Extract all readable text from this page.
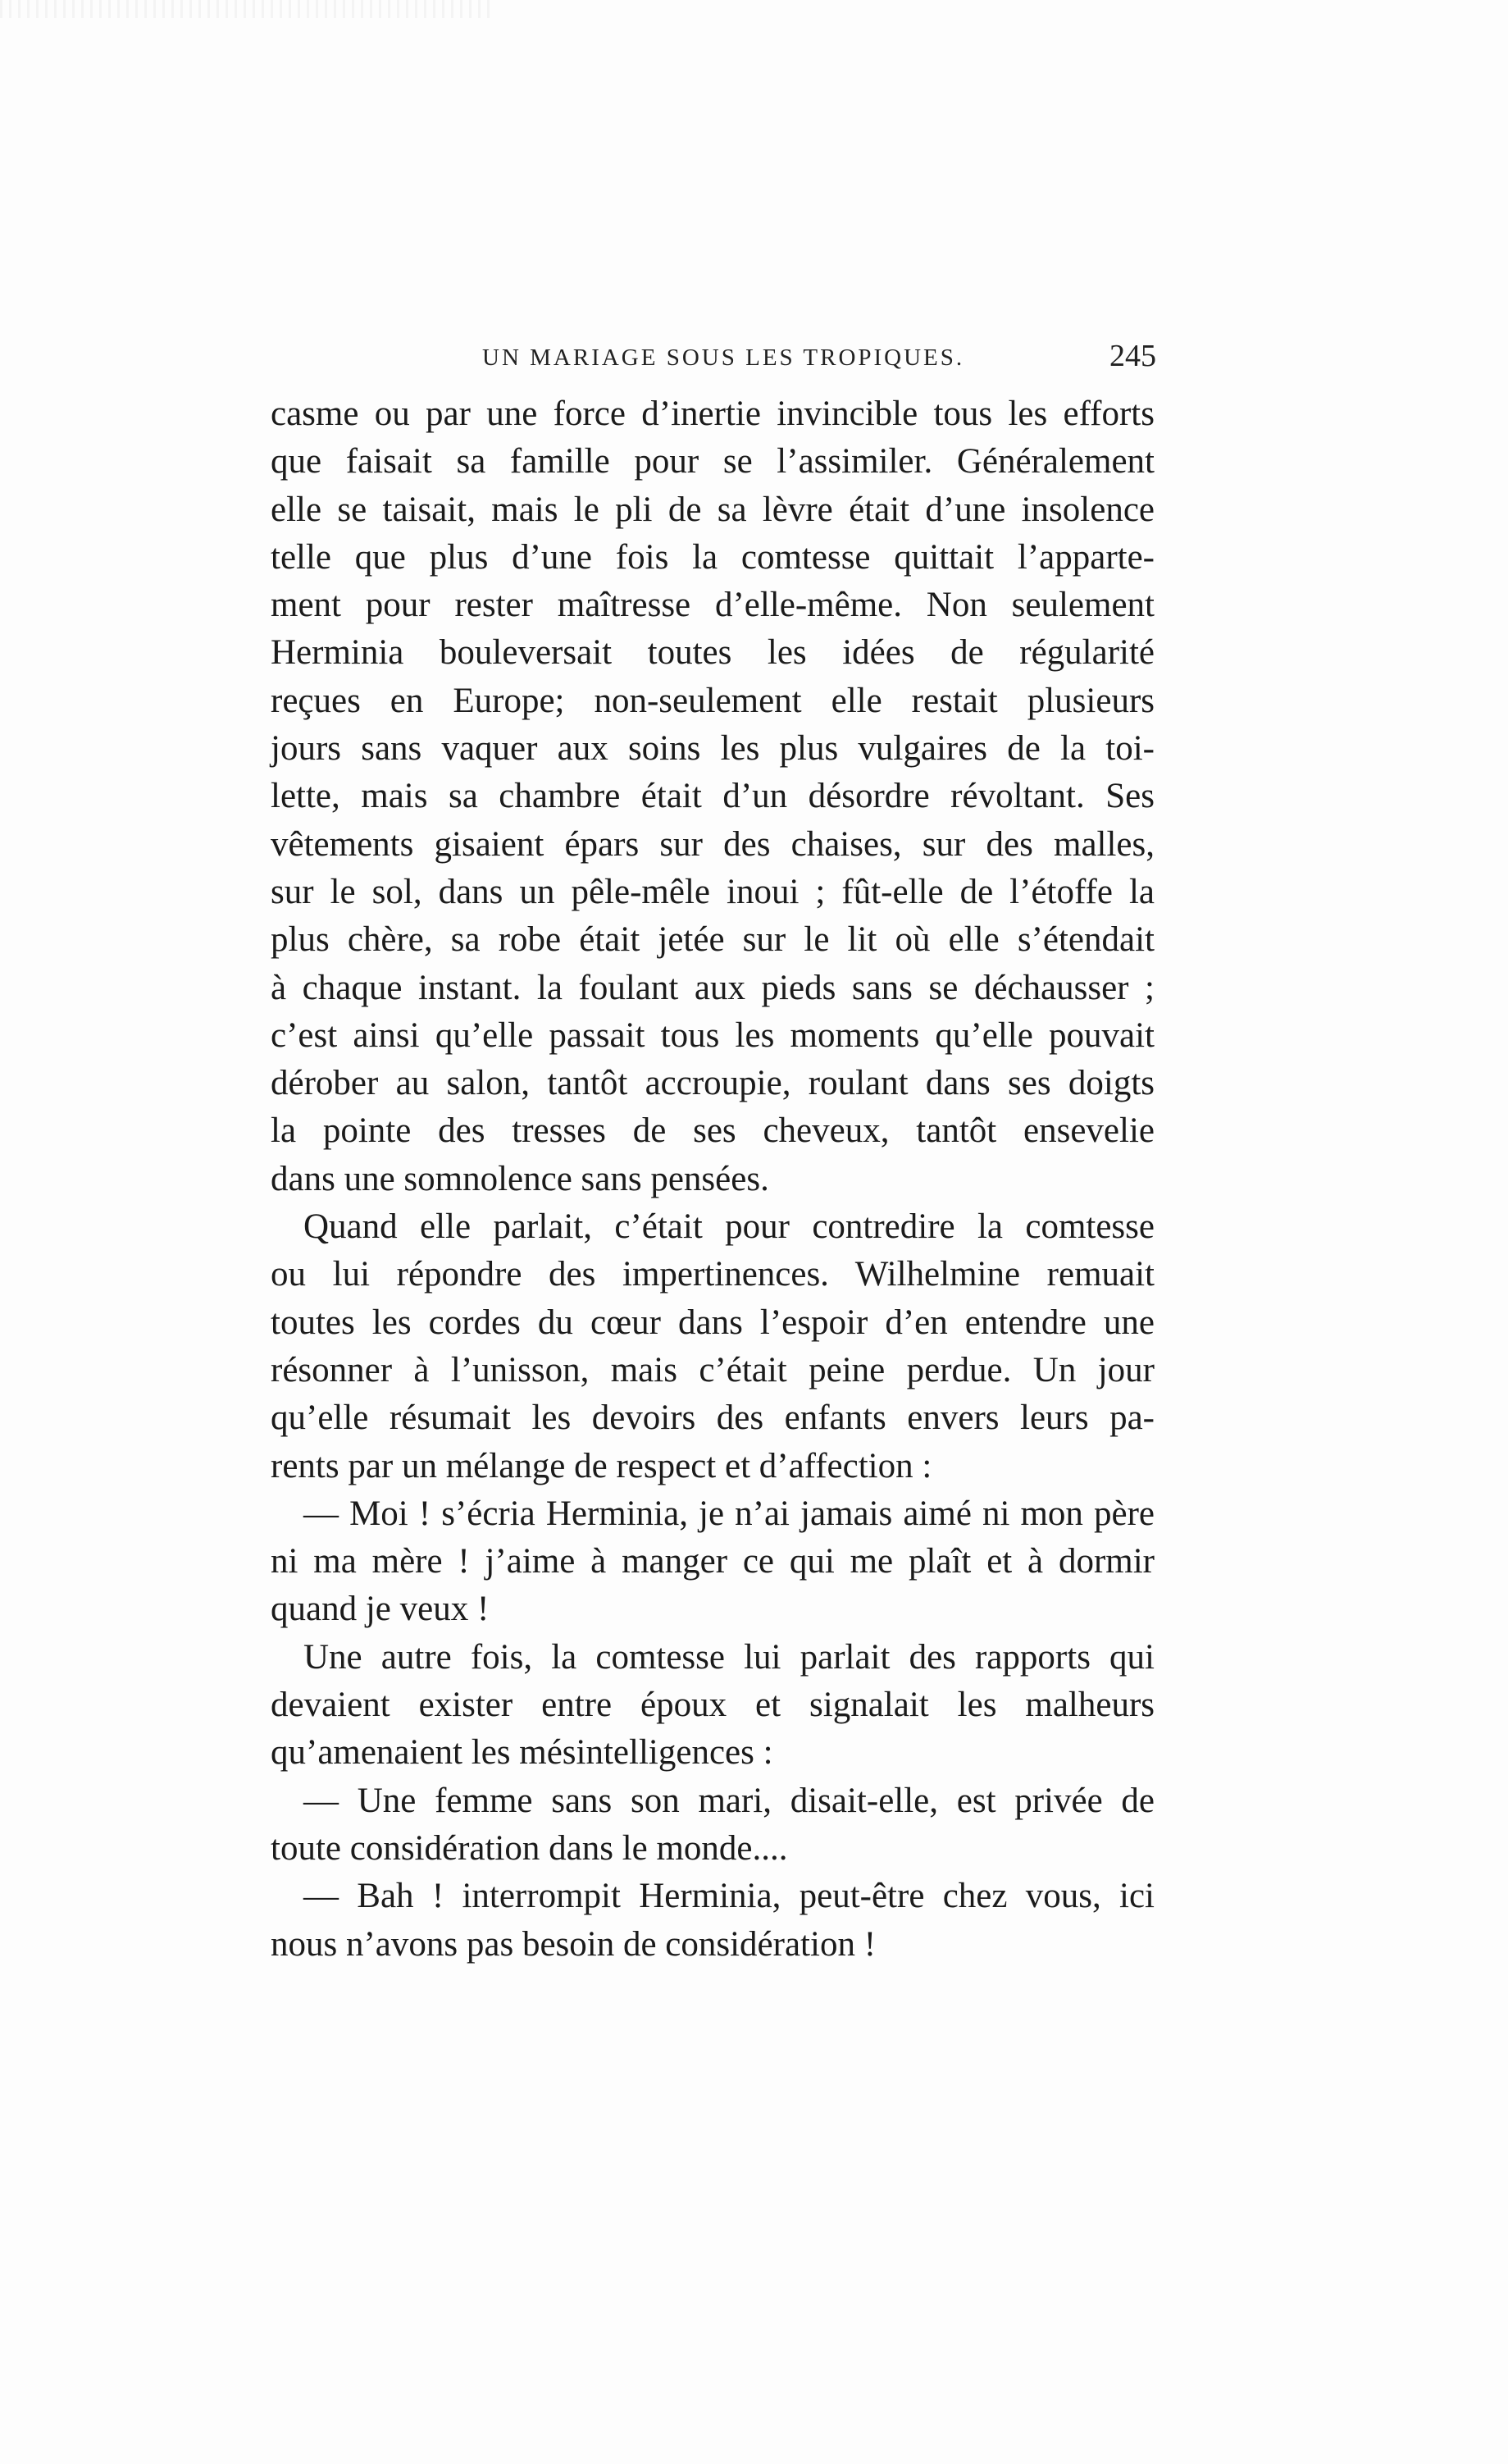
UN MARIAGE SOUS LES TROPIQUES.	245
casme ou par une force d’inertie invincible tous les efforts
que faisait sa famille pour se l’assimiler. Généralement
elle se taisait, mais le pli de sa lèvre était d’une insolence
telle que plus d’une fois la comtesse quittait l’apparte-
ment pour rester maîtresse d’elle-même. Non seulement
Herminia bouleversait toutes les idées de régularité
reçues en Europe; non-seulement elle restait plusieurs
jours sans vaquer aux soins les plus vulgaires de la toi-
lette, mais sa chambre était d’un désordre révoltant. Ses
vêtements gisaient épars sur des chaises, sur des malles,
sur le sol, dans un pêle-mêle inoui ; fût-elle de l’étoffe la
plus chère, sa robe était jetée sur le lit où elle s’étendait
à chaque instant. la foulant aux pieds sans se déchausser ;
c’est ainsi qu’elle passait tous les moments qu’elle pouvait
dérober au salon, tantôt accroupie, roulant dans ses doigts
la pointe des tresses de ses cheveux, tantôt ensevelie
dans une somnolence sans pensées.
Quand elle parlait, c’était pour contredire la comtesse
ou lui répondre des impertinences. Wilhelmine remuait
toutes les cordes du cœur dans l’espoir d’en entendre une
résonner à l’unisson, mais c’était peine perdue. Un jour
qu’elle résumait les devoirs des enfants envers leurs pa-
rents par un mélange de respect et d’affection :
— Moi ! s’écria Herminia, je n’ai jamais aimé ni mon père
ni ma mère ! j’aime à manger ce qui me plaît et à dormir
quand je veux !
Une autre fois, la comtesse lui parlait des rapports qui
devaient exister entre époux et signalait les malheurs
qu’amenaient les mésintelligences :
— Une femme sans son mari, disait-elle, est privée de
toute considération dans le monde....
— Bah ! interrompit Herminia, peut-être chez vous, ici
nous n’avons pas besoin de considération !
